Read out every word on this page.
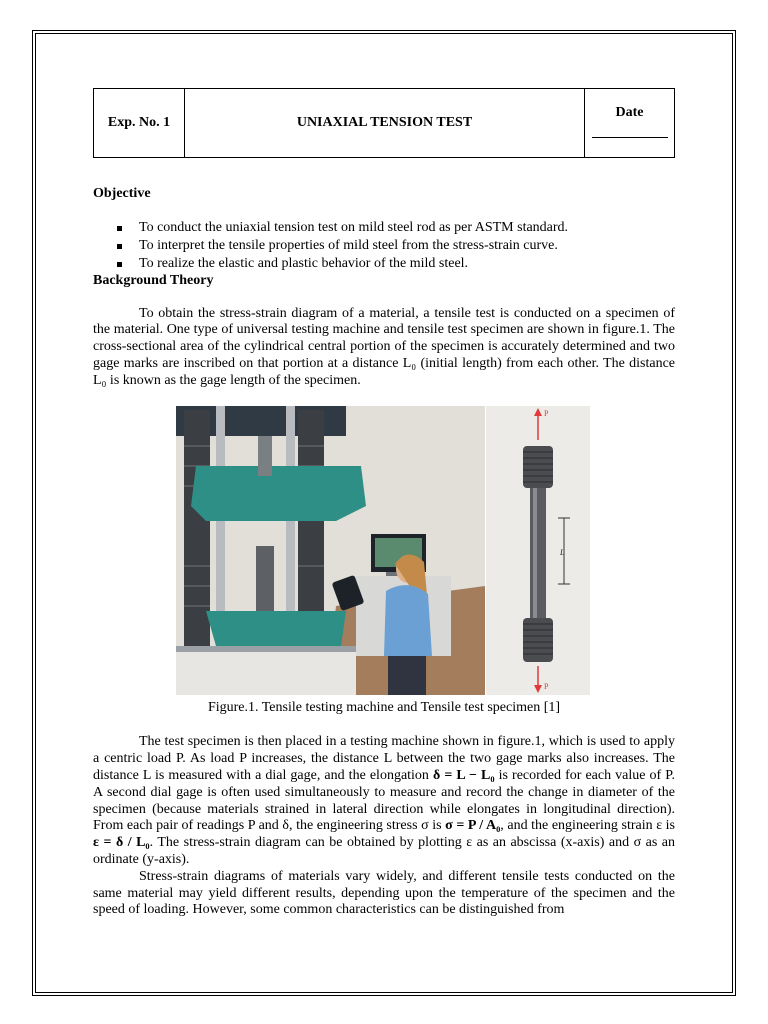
Exp. No. 1	UNIAXIAL TENSION TEST
Date

Objective

To conduct the uniaxial tension test on mild steel rod as per ASTM standard.
To interpret the tensile properties of mild steel from the stress-strain curve.
To realize the elastic and plastic behavior of the mild steel.

Background Theory

To obtain the stress-strain diagram of a material, a tensile test is conducted on a specimen of the material. One type of universal testing machine and tensile test specimen are shown in figure.1. The cross-sectional area of the cylindrical central portion of the specimen is accurately determined and two gage marks are inscribed on that portion at a distance L₀ (initial length) from each other. The distance L₀ is known as the gage length of the specimen.

P
L
P
Figure.1. Tensile testing machine and Tensile test specimen [1]

The test specimen is then placed in a testing machine shown in figure.1, which is used to apply a centric load P. As load P increases, the distance L between the two gage marks also increases. The distance L is measured with a dial gage, and the elongation δ = L − L₀ is recorded for each value of P. A second dial gage is often used simultaneously to measure and record the change in diameter of the specimen (because materials strained in lateral direction while elongates in longitudinal direction). From each pair of readings P and δ, the engineering stress σ is σ = P / A₀, and the engineering strain ε is ε = δ / L₀. The stress-strain diagram can be obtained by plotting ε as an abscissa (x-axis) and σ as an ordinate (y-axis).

Stress-strain diagrams of materials vary widely, and different tensile tests conducted on the same material may yield different results, depending upon the temperature of the specimen and the speed of loading. However, some common characteristics can be distinguished from
